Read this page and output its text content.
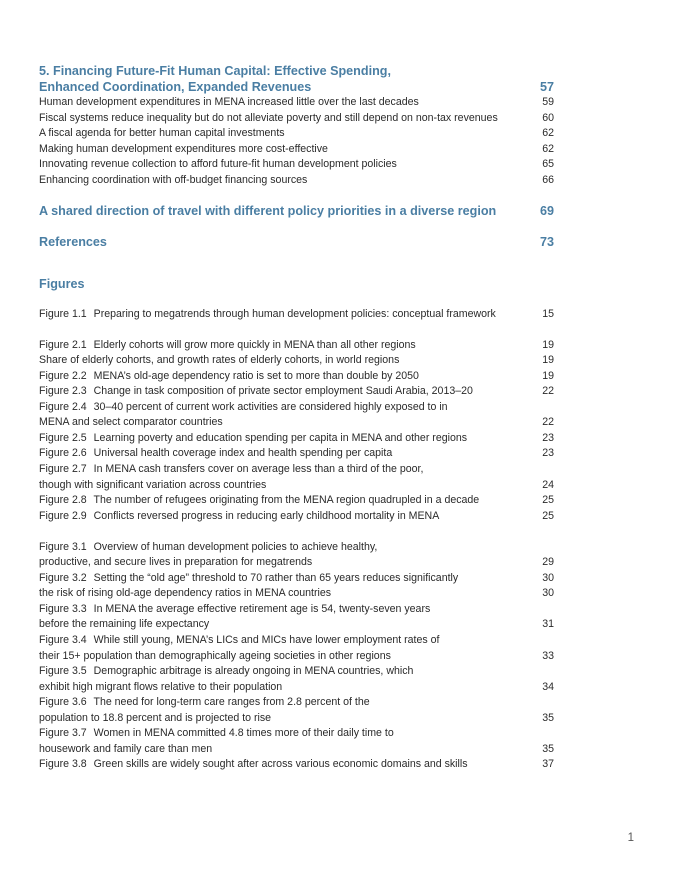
5. Financing Future-Fit Human Capital: Effective Spending, Enhanced Coordination, Expanded Revenues	57
Human development expenditures in MENA increased little over the last decades	59
Fiscal systems reduce inequality but do not alleviate poverty and still depend on non-tax revenues	60
A fiscal agenda for better human capital investments	62
Making human development expenditures more cost-effective	62
Innovating revenue collection to afford future-fit human development policies	65
Enhancing coordination with off-budget financing sources	66
A shared direction of travel with different policy priorities in a diverse region	69
References	73
Figures
Figure 1.1 Preparing to megatrends through human development policies: conceptual framework	15
Figure 2.1 Elderly cohorts will grow more quickly in MENA than all other regions	19
Share of elderly cohorts, and growth rates of elderly cohorts, in world regions	19
Figure 2.2 MENA’s old-age dependency ratio is set to more than double by 2050	19
Figure 2.3 Change in task composition of private sector employment Saudi Arabia, 2013–20	22
Figure 2.4 30–40 percent of current work activities are considered highly exposed to in MENA and select comparator countries	22
Figure 2.5 Learning poverty and education spending per capita in MENA and other regions	23
Figure 2.6 Universal health coverage index and health spending per capita	23
Figure 2.7 In MENA cash transfers cover on average less than a third of the poor, though with significant variation across countries	24
Figure 2.8 The number of refugees originating from the MENA region quadrupled in a decade	25
Figure 2.9 Conflicts reversed progress in reducing early childhood mortality in MENA	25
Figure 3.1 Overview of human development policies to achieve healthy, productive, and secure lives in preparation for megatrends	29
Figure 3.2 Setting the “old age” threshold to 70 rather than 65 years reduces significantly	30
the risk of rising old-age dependency ratios in MENA countries	30
Figure 3.3 In MENA the average effective retirement age is 54, twenty-seven years before the remaining life expectancy	31
Figure 3.4 While still young, MENA’s LICs and MICs have lower employment rates of their 15+ population than demographically ageing societies in other regions	33
Figure 3.5 Demographic arbitrage is already ongoing in MENA countries, which exhibit high migrant flows relative to their population	34
Figure 3.6 The need for long-term care ranges from 2.8 percent of the population to 18.8 percent and is projected to rise	35
Figure 3.7 Women in MENA committed 4.8 times more of their daily time to housework and family care than men	35
Figure 3.8 Green skills are widely sought after across various economic domains and skills	37
1
